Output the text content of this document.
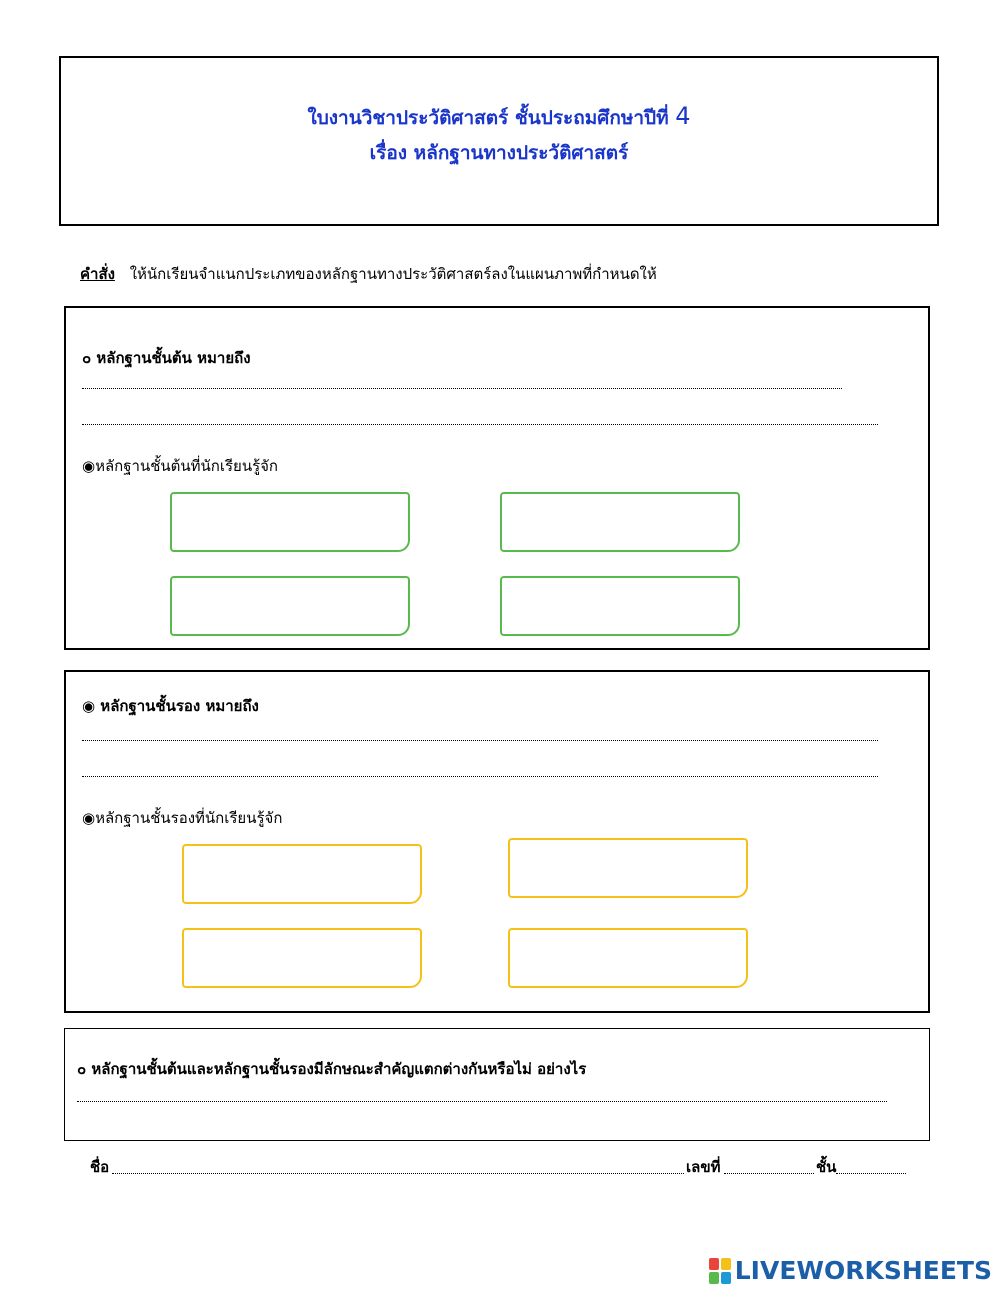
ใบงานวิชาประวัติศาสตร์ ชั้นประถมศึกษาปีที่ 4
เรื่อง หลักฐานทางประวัติศาสตร์
คำสั่ง ให้นักเรียนจำแนกประเภทของหลักฐานทางประวัติศาสตร์ลงในแผนภาพที่กำหนดให้
๐ หลักฐานชั้นต้น หมายถึง
◉หลักฐานชั้นต้นที่นักเรียนรู้จัก
◉ หลักฐานชั้นรอง หมายถึง
◉หลักฐานชั้นรองที่นักเรียนรู้จัก
๐ หลักฐานชั้นต้นและหลักฐานชั้นรองมีลักษณะสำคัญแตกต่างกันหรือไม่ อย่างไร
ชื่อ	เลขที่	ชั้น
LIVEWORKSHEETS
